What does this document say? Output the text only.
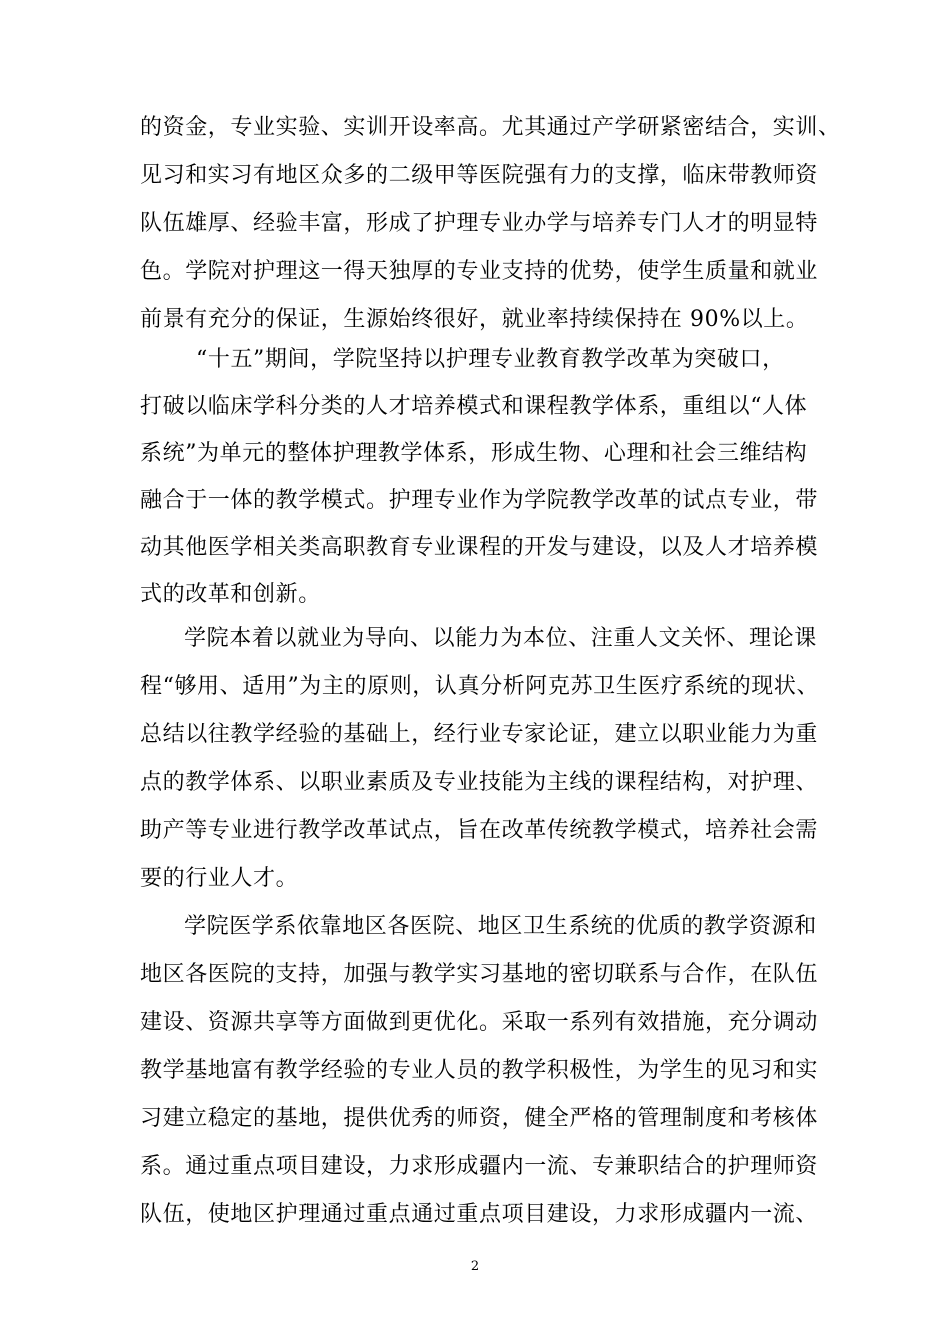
的资金，专业实验、实训开设率高。尤其通过产学研紧密结合，实训、
见习和实习有地区众多的二级甲等医院强有力的支撑，临床带教师资
队伍雄厚、经验丰富，形成了护理专业办学与培养专门人才的明显特
色。学院对护理这一得天独厚的专业支持的优势，使学生质量和就业
前景有充分的保证，生源始终很好，就业率持续保持在 90%以上。
“十五”期间，学院坚持以护理专业教育教学改革为突破口，
打破以临床学科分类的人才培养模式和课程教学体系，重组以“人体
系统”为单元的整体护理教学体系，形成生物、心理和社会三维结构
融合于一体的教学模式。护理专业作为学院教学改革的试点专业，带
动其他医学相关类高职教育专业课程的开发与建设，以及人才培养模
式的改革和创新。
学院本着以就业为导向、以能力为本位、注重人文关怀、理论课
程“够用、适用”为主的原则，认真分析阿克苏卫生医疗系统的现状、
总结以往教学经验的基础上，经行业专家论证，建立以职业能力为重
点的教学体系、以职业素质及专业技能为主线的课程结构，对护理、
助产等专业进行教学改革试点，旨在改革传统教学模式，培养社会需
要的行业人才。
学院医学系依靠地区各医院、地区卫生系统的优质的教学资源和
地区各医院的支持，加强与教学实习基地的密切联系与合作，在队伍
建设、资源共享等方面做到更优化。采取一系列有效措施，充分调动
教学基地富有教学经验的专业人员的教学积极性，为学生的见习和实
习建立稳定的基地，提供优秀的师资，健全严格的管理制度和考核体
系。通过重点项目建设，力求形成疆内一流、专兼职结合的护理师资
队伍，使地区护理通过重点通过重点项目建设，力求形成疆内一流、
2
